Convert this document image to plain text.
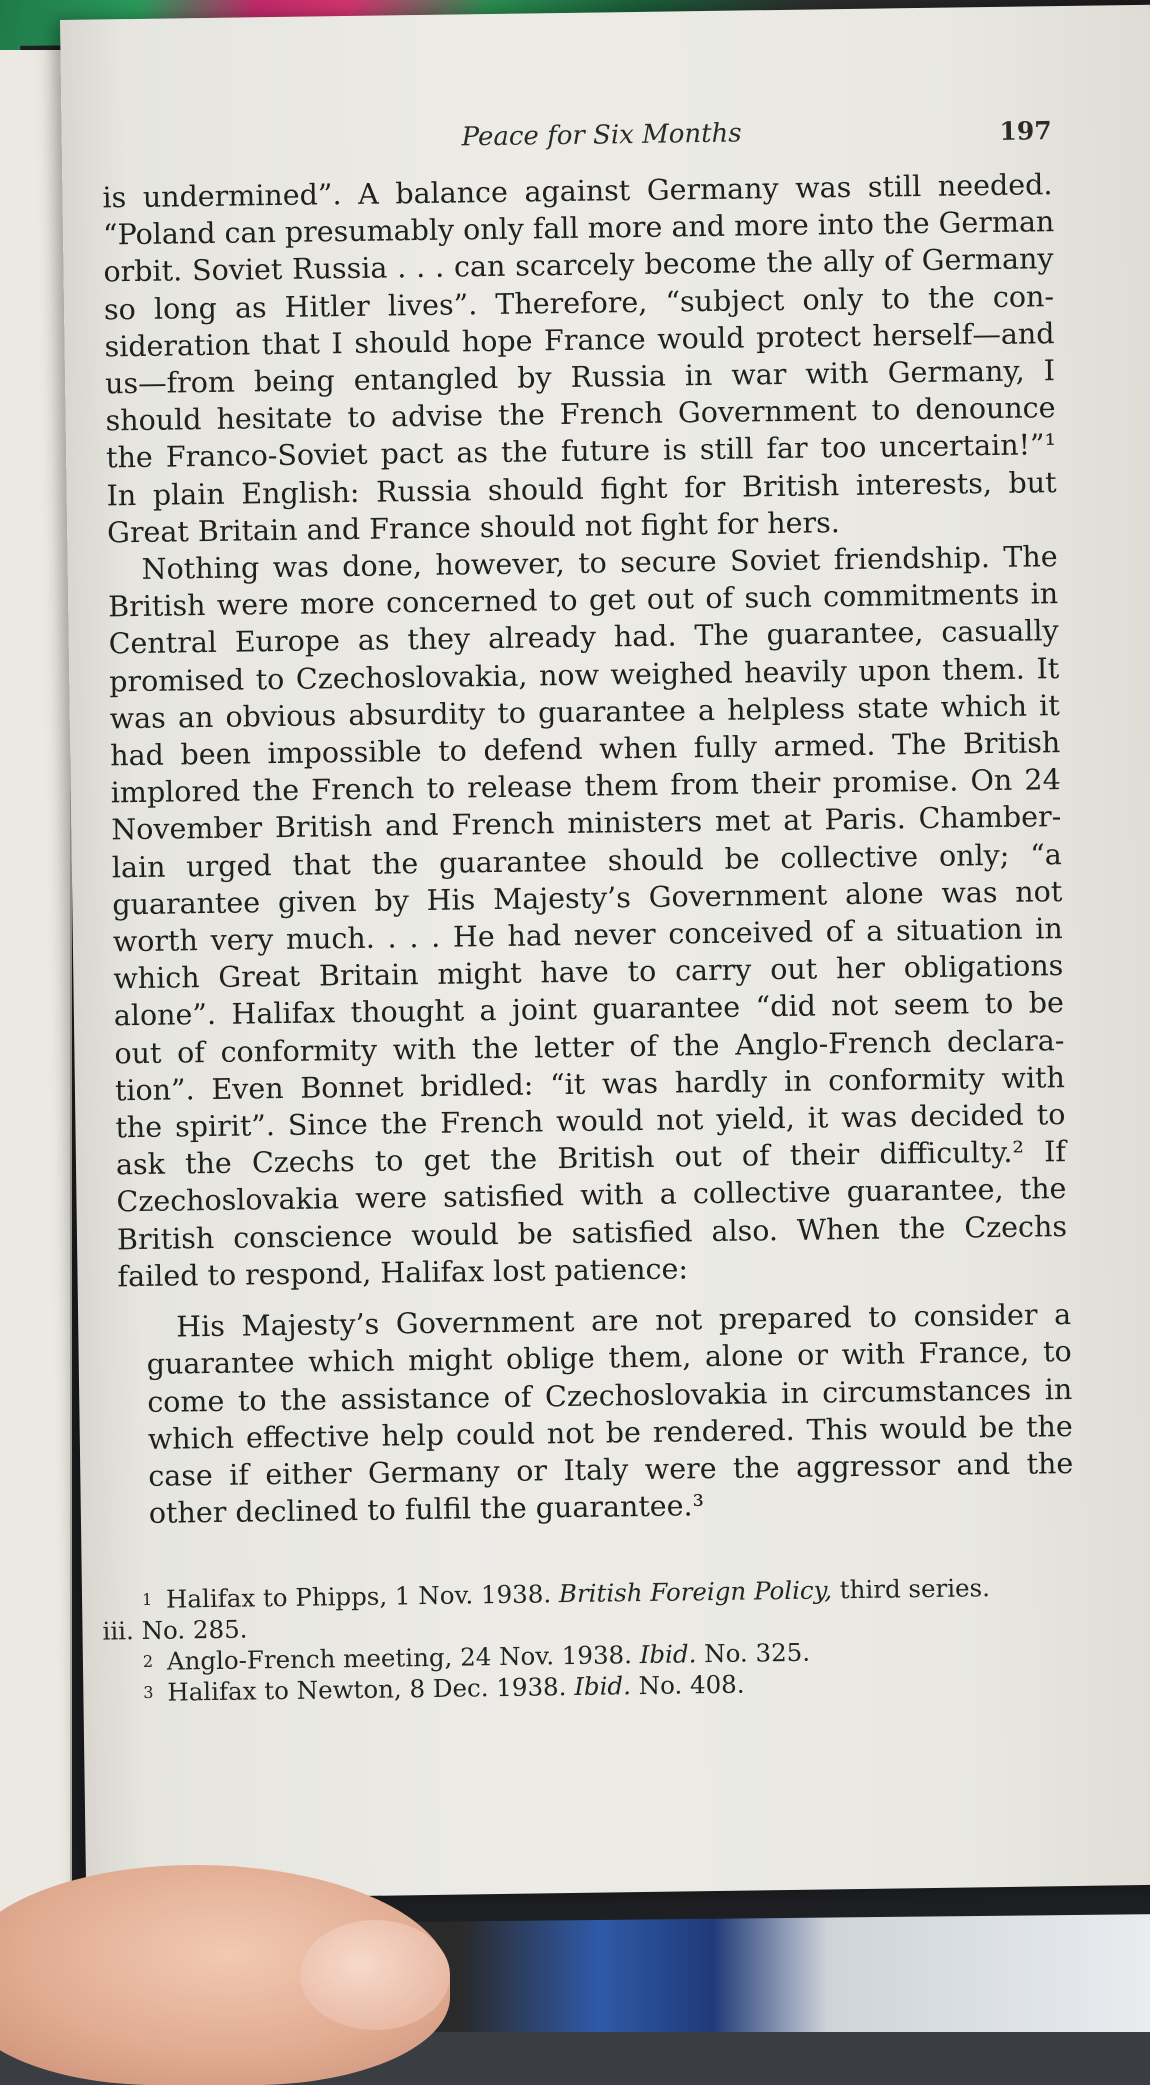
Peace for Six Months	197

is undermined”. A balance against Germany was still needed.
“Poland can presumably only fall more and more into the German
orbit. Soviet Russia . . . can scarcely become the ally of Germany
so long as Hitler lives”. Therefore, “subject only to the con-
sideration that I should hope France would protect herself—and
us—from being entangled by Russia in war with Germany, I
should hesitate to advise the French Government to denounce
the Franco-Soviet pact as the future is still far too uncertain!”¹
In plain English: Russia should fight for British interests, but
Great Britain and France should not fight for hers.

Nothing was done, however, to secure Soviet friendship. The
British were more concerned to get out of such commitments in
Central Europe as they already had. The guarantee, casually
promised to Czechoslovakia, now weighed heavily upon them. It
was an obvious absurdity to guarantee a helpless state which it
had been impossible to defend when fully armed. The British
implored the French to release them from their promise. On 24
November British and French ministers met at Paris. Chamber-
lain urged that the guarantee should be collective only; “a
guarantee given by His Majesty’s Government alone was not
worth very much. . . . He had never conceived of a situation in
which Great Britain might have to carry out her obligations
alone”. Halifax thought a joint guarantee “did not seem to be
out of conformity with the letter of the Anglo-French declara-
tion”. Even Bonnet bridled: “it was hardly in conformity with
the spirit”. Since the French would not yield, it was decided to
ask the Czechs to get the British out of their difficulty.² If
Czechoslovakia were satisfied with a collective guarantee, the
British conscience would be satisfied also. When the Czechs
failed to respond, Halifax lost patience:

His Majesty’s Government are not prepared to consider a
guarantee which might oblige them, alone or with France, to
come to the assistance of Czechoslovakia in circumstances in
which effective help could not be rendered. This would be the
case if either Germany or Italy were the aggressor and the
other declined to fulfil the guarantee.³

1 Halifax to Phipps, 1 Nov. 1938. British Foreign Policy, third series.
iii. No. 285.
2 Anglo-French meeting, 24 Nov. 1938. Ibid. No. 325.
3 Halifax to Newton, 8 Dec. 1938. Ibid. No. 408.
